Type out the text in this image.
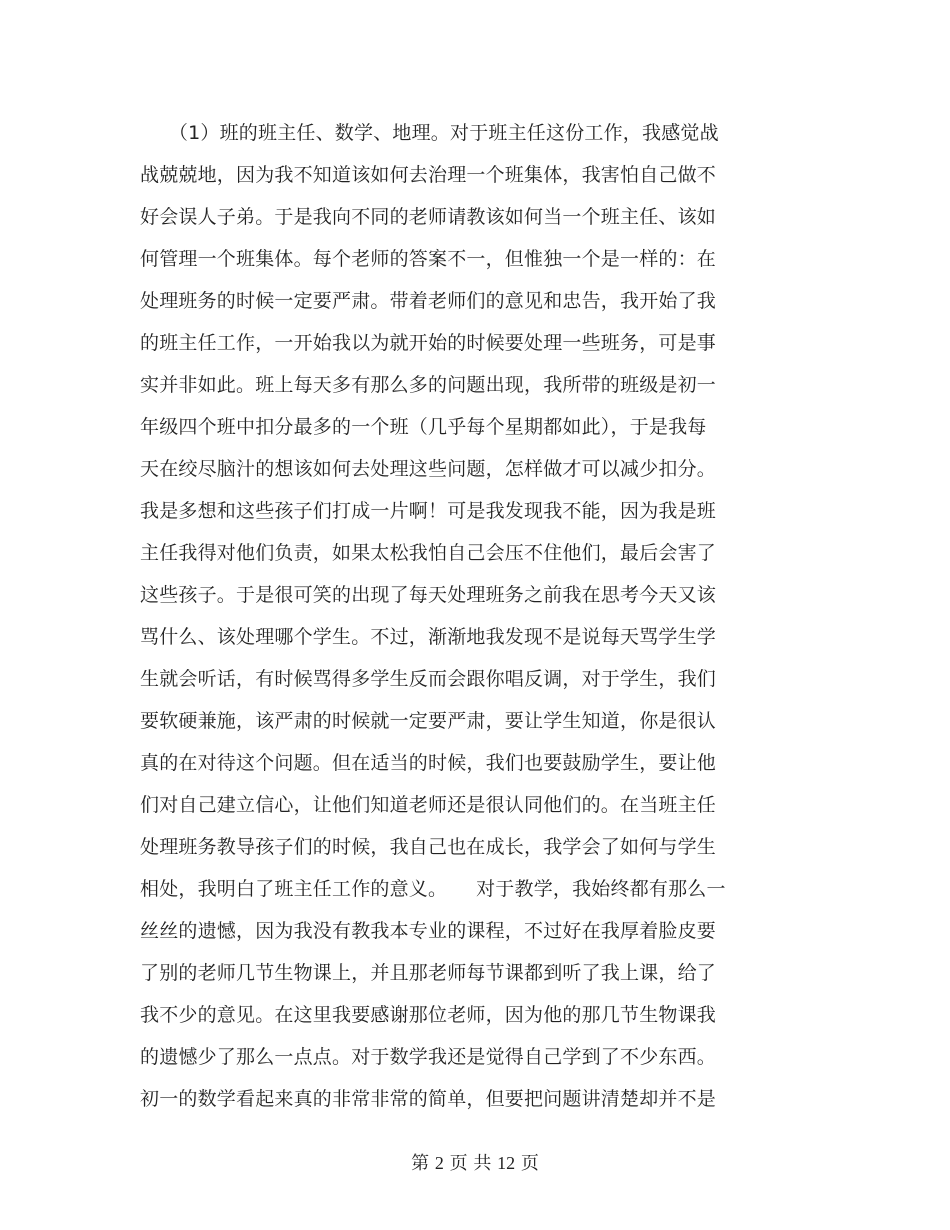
　　（1）班的班主任、数学、地理。对于班主任这份工作，我感觉战
战兢兢地，因为我不知道该如何去治理一个班集体，我害怕自己做不
好会误人子弟。于是我向不同的老师请教该如何当一个班主任、该如
何管理一个班集体。每个老师的答案不一，但惟独一个是一样的：在
处理班务的时候一定要严肃。带着老师们的意见和忠告，我开始了我
的班主任工作，一开始我以为就开始的时候要处理一些班务，可是事
实并非如此。班上每天多有那么多的问题出现，我所带的班级是初一
年级四个班中扣分最多的一个班（几乎每个星期都如此），于是我每
天在绞尽脑汁的想该如何去处理这些问题，怎样做才可以减少扣分。
我是多想和这些孩子们打成一片啊！可是我发现我不能，因为我是班
主任我得对他们负责，如果太松我怕自己会压不住他们，最后会害了
这些孩子。于是很可笑的出现了每天处理班务之前我在思考今天又该
骂什么、该处理哪个学生。不过，渐渐地我发现不是说每天骂学生学
生就会听话，有时候骂得多学生反而会跟你唱反调，对于学生，我们
要软硬兼施，该严肃的时候就一定要严肃，要让学生知道，你是很认
真的在对待这个问题。但在适当的时候，我们也要鼓励学生，要让他
们对自己建立信心，让他们知道老师还是很认同他们的。在当班主任
处理班务教导孩子们的时候，我自己也在成长，我学会了如何与学生
相处，我明白了班主任工作的意义。　　对于教学，我始终都有那么一
丝丝的遗憾，因为我没有教我本专业的课程，不过好在我厚着脸皮要
了别的老师几节生物课上，并且那老师每节课都到听了我上课，给了
我不少的意见。在这里我要感谢那位老师，因为他的那几节生物课我
的遗憾少了那么一点点。对于数学我还是觉得自己学到了不少东西。
初一的数学看起来真的非常非常的简单，但要把问题讲清楚却并不是
第 2 页 共 12 页
